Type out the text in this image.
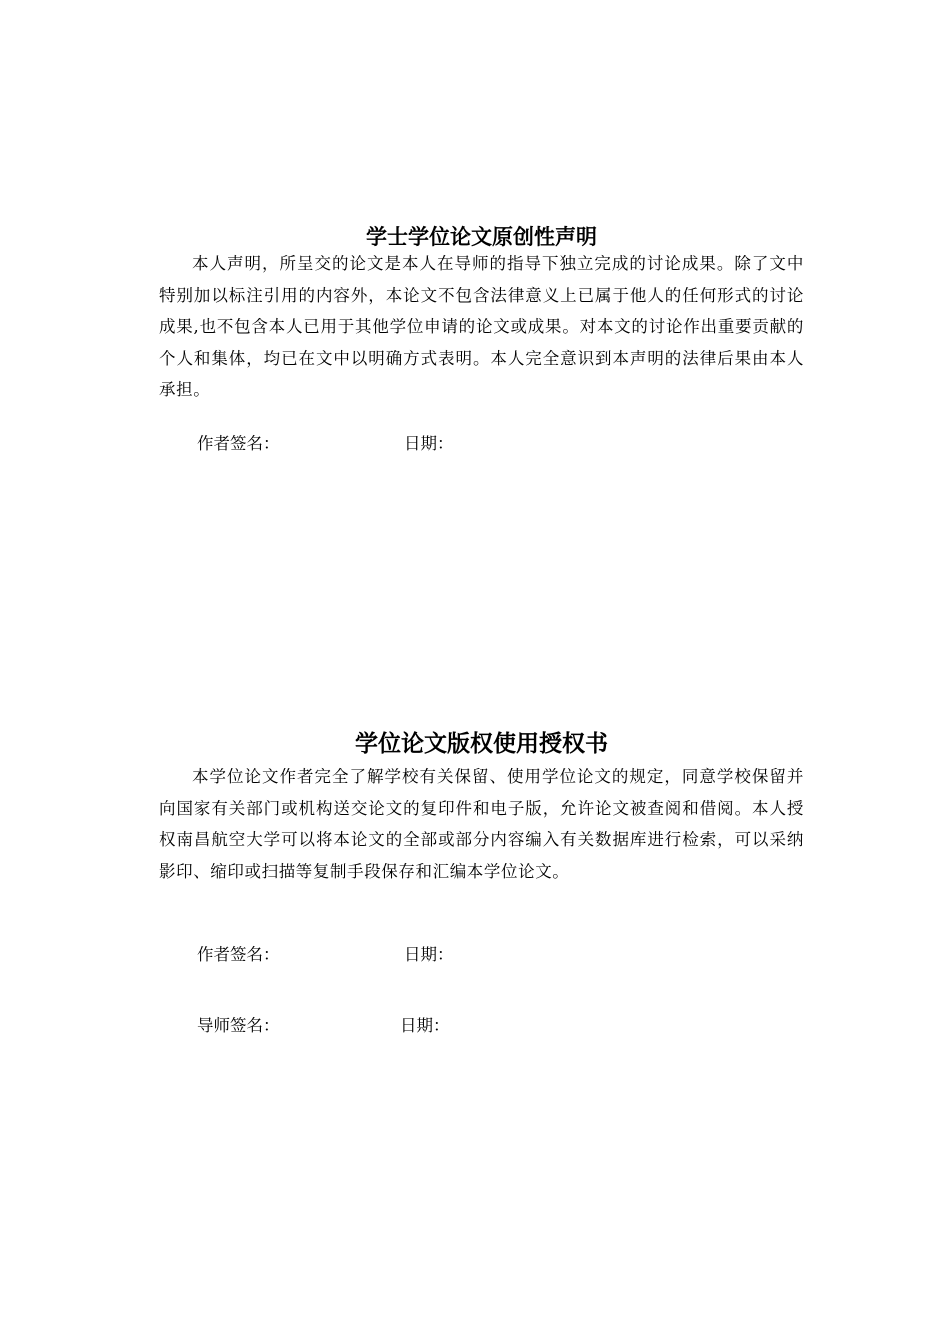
学士学位论文原创性声明

本人声明，所呈交的论文是本人在导师的指导下独立完成的讨论成果。除了文中特别加以标注引用的内容外，本论文不包含法律意义上已属于他人的任何形式的讨论成果,也不包含本人已用于其他学位申请的论文或成果。对本文的讨论作出重要贡献的个人和集体，均已在文中以明确方式表明。本人完全意识到本声明的法律后果由本人承担。

作者签名：	日期：
学位论文版权使用授权书

本学位论文作者完全了解学校有关保留、使用学位论文的规定，同意学校保留并向国家有关部门或机构送交论文的复印件和电子版，允许论文被查阅和借阅。本人授权南昌航空大学可以将本论文的全部或部分内容编入有关数据库进行检索，可以采纳影印、缩印或扫描等复制手段保存和汇编本学位论文。

作者签名：	日期：
导师签名：	日期：
